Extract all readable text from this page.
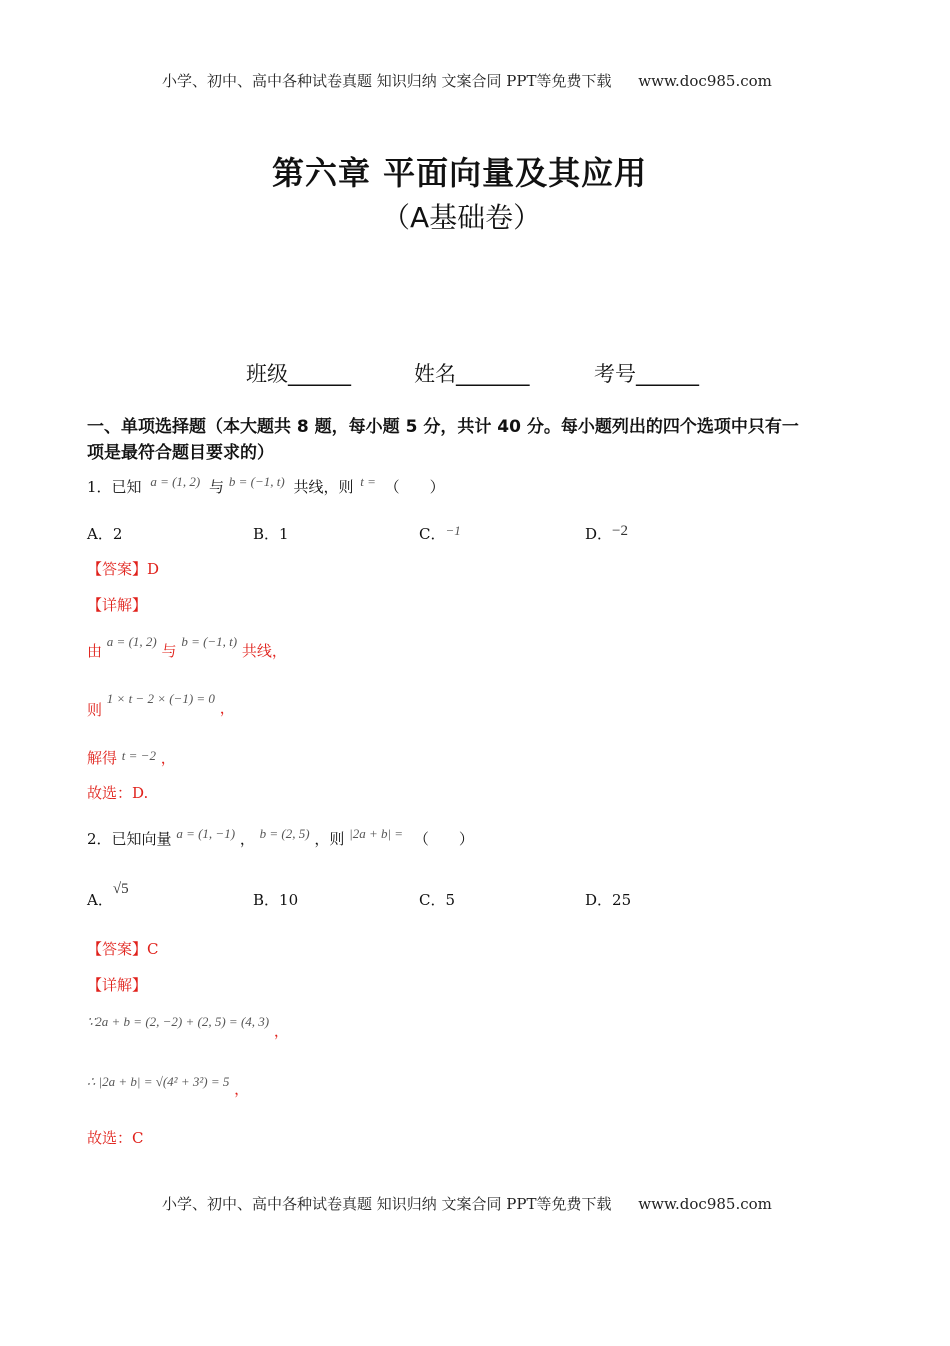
小学、初中、高中各种试卷真题 知识归纳 文案合同 PPT等免费下载 www.doc985.com
第六章 平面向量及其应用
（A基础卷）
班级______	姓名_______	考号______
一、单项选择题（本大题共 8 题，每小题 5 分，共计 40 分。每小题列出的四个选项中只有一
项是最符合题目要求的）
1．已知 a = (1, 2) 与 b = (−1, t) 共线，则 t = （　　）
A．2	B．1	C．−1	D．−2
【答案】D
【详解】
由 a = (1, 2) 与 b = (−1, t) 共线，
则 1 × t − 2 × (−1) = 0 ，
解得 t = −2 ，
故选：D.
2．已知向量 a = (1, −1) ， b = (2, 5) ，则 |2a + b| = （　　）
A．√5
B．10	C．5	D．25
【答案】C
【详解】
∵2a + b = (2, −2) + (2, 5) = (4, 3) ，
∴ |2a + b| = √(4² + 3²) = 5 ，
故选：C
小学、初中、高中各种试卷真题 知识归纳 文案合同 PPT等免费下载 www.doc985.com
